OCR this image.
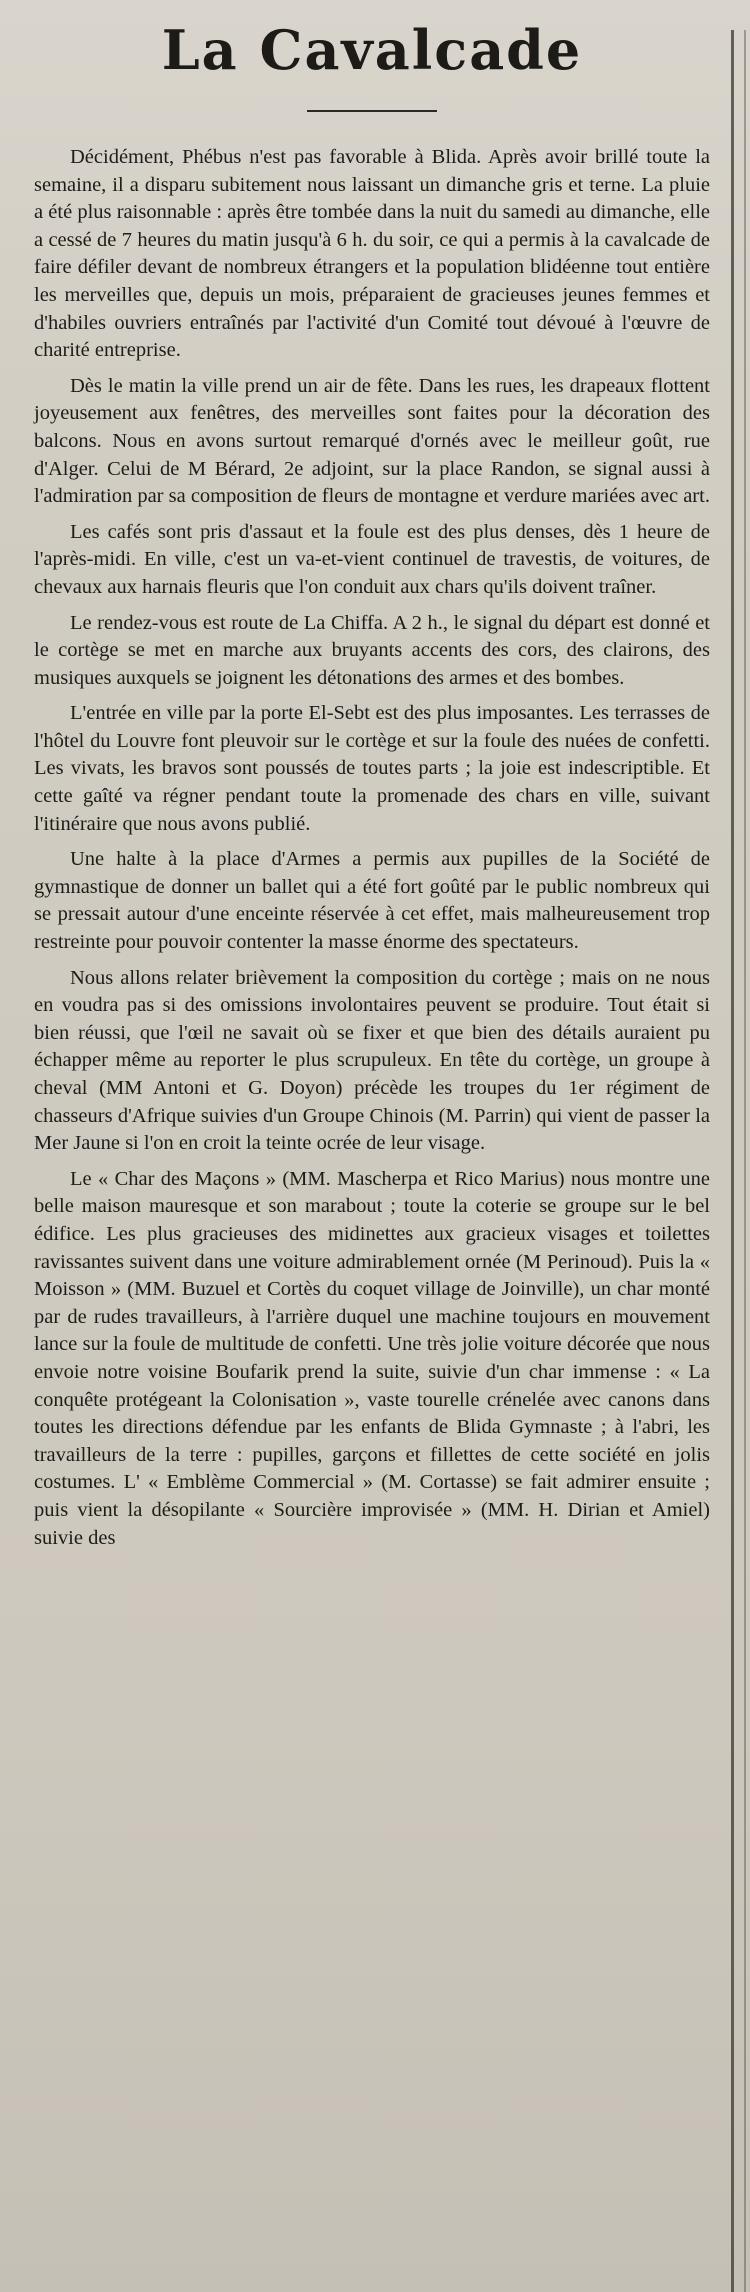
La Cavalcade

Décidément, Phébus n'est pas favorable à Blida. Après avoir brillé toute la semaine, il a disparu subitement nous laissant un dimanche gris et terne. La pluie a été plus raisonnable : après être tombée dans la nuit du samedi au dimanche, elle a cessé de 7 heures du matin jusqu'à 6 h. du soir, ce qui a permis à la cavalcade de faire défiler devant de nombreux étrangers et la population blidéenne tout entière les merveilles que, depuis un mois, préparaient de gracieuses jeunes femmes et d'habiles ouvriers entraînés par l'activité d'un Comité tout dévoué à l'œuvre de charité entreprise.

Dès le matin la ville prend un air de fête. Dans les rues, les drapeaux flottent joyeusement aux fenêtres, des merveilles sont faites pour la décoration des balcons. Nous en avons surtout remarqué d'ornés avec le meilleur goût, rue d'Alger. Celui de M Bérard, 2e adjoint, sur la place Randon, se signal aussi à l'admiration par sa composition de fleurs de montagne et verdure mariées avec art.

Les cafés sont pris d'assaut et la foule est des plus denses, dès 1 heure de l'après-midi. En ville, c'est un va-et-vient continuel de travestis, de voitures, de chevaux aux harnais fleuris que l'on conduit aux chars qu'ils doivent traîner.

Le rendez-vous est route de La Chiffa. A 2 h., le signal du départ est donné et le cortège se met en marche aux bruyants accents des cors, des clairons, des musiques auxquels se joignent les détonations des armes et des bombes.

L'entrée en ville par la porte El-Sebt est des plus imposantes. Les terrasses de l'hôtel du Louvre font pleuvoir sur le cortège et sur la foule des nuées de confetti. Les vivats, les bravos sont poussés de toutes parts ; la joie est indescriptible. Et cette gaîté va régner pendant toute la promenade des chars en ville, suivant l'itinéraire que nous avons publié.

Une halte à la place d'Armes a permis aux pupilles de la Société de gymnastique de donner un ballet qui a été fort goûté par le public nombreux qui se pressait autour d'une enceinte réservée à cet effet, mais malheureusement trop restreinte pour pouvoir contenter la masse énorme des spectateurs.

Nous allons relater brièvement la composition du cortège ; mais on ne nous en voudra pas si des omissions involontaires peuvent se produire. Tout était si bien réussi, que l'œil ne savait où se fixer et que bien des détails auraient pu échapper même au reporter le plus scrupuleux. En tête du cortège, un groupe à cheval (MM Antoni et G. Doyon) précède les troupes du 1er régiment de chasseurs d'Afrique suivies d'un Groupe Chinois (M. Parrin) qui vient de passer la Mer Jaune si l'on en croit la teinte ocrée de leur visage.

Le « Char des Maçons » (MM. Mascherpa et Rico Marius) nous montre une belle maison mauresque et son marabout ; toute la coterie se groupe sur le bel édifice. Les plus gracieuses des midinettes aux gracieux visages et toilettes ravissantes suivent dans une voiture admirablement ornée (M Perinoud). Puis la « Moisson » (MM. Buzuel et Cortès du coquet village de Joinville), un char monté par de rudes travailleurs, à l'arrière duquel une machine toujours en mouvement lance sur la foule de multitude de confetti. Une très jolie voiture décorée que nous envoie notre voisine Boufarik prend la suite, suivie d'un char immense : « La conquête protégeant la Colonisation », vaste tourelle crénelée avec canons dans toutes les directions défendue par les enfants de Blida Gymnaste ; à l'abri, les travailleurs de la terre : pupilles, garçons et fillettes de cette société en jolis costumes. L' « Emblème Commercial » (M. Cortasse) se fait admirer ensuite ; puis vient la désopilante « Sourcière improvisée » (MM. H. Dirian et Amiel) suivie des
